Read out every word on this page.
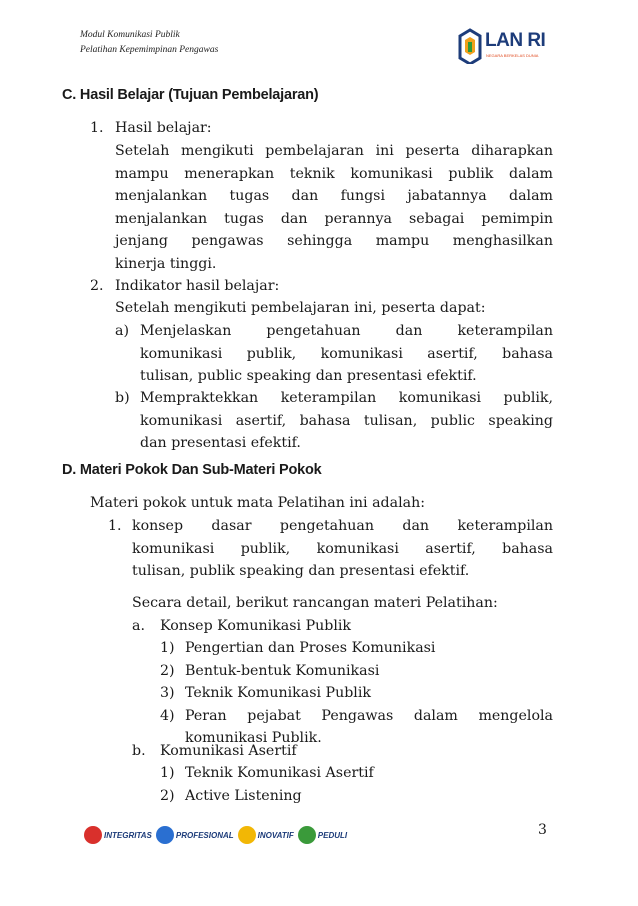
Modul Komunikasi Publik
Pelatihan Kepemimpinan Pengawas	LAN RI
NEGARA BERKELAS DUNIA
C. Hasil Belajar (Tujuan Pembelajaran)
1. Hasil belajar:
Setelah mengikuti pembelajaran ini peserta diharapkan
mampu menerapkan teknik komunikasi publik dalam
menjalankan tugas dan fungsi jabatannya dalam
menjalankan tugas dan perannya sebagai pemimpin
jenjang pengawas sehingga mampu menghasilkan
kinerja tinggi.
2. Indikator hasil belajar:
Setelah mengikuti pembelajaran ini, peserta dapat:
a) Menjelaskan pengetahuan dan keterampilan
komunikasi publik, komunikasi asertif, bahasa
tulisan, public speaking dan presentasi efektif.
b) Mempraktekkan keterampilan komunikasi publik,
komunikasi asertif, bahasa tulisan, public speaking
dan presentasi efektif.
D. Materi Pokok Dan Sub-Materi Pokok
Materi pokok untuk mata Pelatihan ini adalah:
1. konsep dasar pengetahuan dan keterampilan
komunikasi publik, komunikasi asertif, bahasa
tulisan, publik speaking dan presentasi efektif.
Secara detail, berikut rancangan materi Pelatihan:
a. Konsep Komunikasi Publik
1) Pengertian dan Proses Komunikasi
2) Bentuk-bentuk Komunikasi
3) Teknik Komunikasi Publik
4) Peran pejabat Pengawas dalam mengelola
komunikasi Publik.
b. Komunikasi Asertif
1) Teknik Komunikasi Asertif
2) Active Listening
INTEGRITAS	PROFESIONAL	INOVATIF	PEDULI	3
